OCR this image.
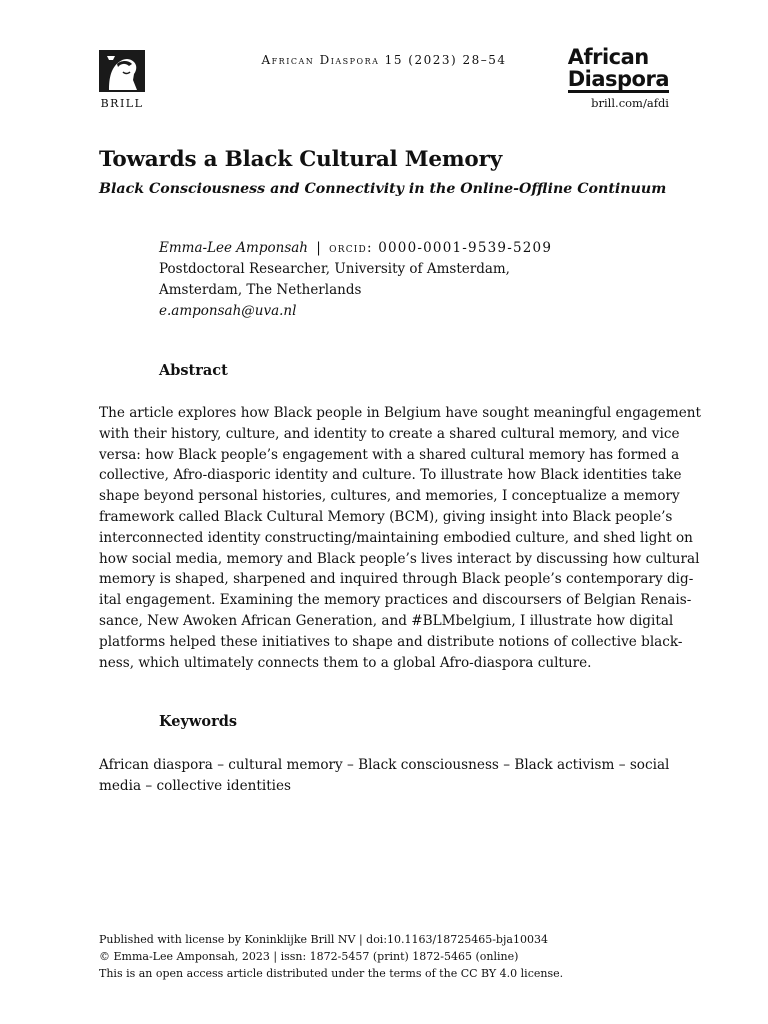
BRILL
African Diaspora 15 (2023) 28–54	African
Diaspora
brill.com/afdi
Towards a Black Cultural Memory
Black Consciousness and Connectivity in the Online-Offline Continuum
Emma-Lee Amponsah | orcid: 0000-0001-9539-5209
Postdoctoral Researcher, University of Amsterdam,
Amsterdam, The Netherlands
e.amponsah@uva.nl
Abstract
The article explores how Black people in Belgium have sought meaningful engagement
with their history, culture, and identity to create a shared cultural memory, and vice
versa: how Black people’s engagement with a shared cultural memory has formed a
collective, Afro-diasporic identity and culture. To illustrate how Black identities take
shape beyond personal histories, cultures, and memories, I conceptualize a memory
framework called Black Cultural Memory (BCM), giving insight into Black people’s
interconnected identity constructing/maintaining embodied culture, and shed light on
how social media, memory and Black people’s lives interact by discussing how cultural
memory is shaped, sharpened and inquired through Black people’s contemporary dig-
ital engagement. Examining the memory practices and discoursers of Belgian Renais-
sance, New Awoken African Generation, and #BLMbelgium, I illustrate how digital
platforms helped these initiatives to shape and distribute notions of collective black-
ness, which ultimately connects them to a global Afro-diaspora culture.
Keywords
African diaspora – cultural memory – Black consciousness – Black activism – social
media – collective identities
Published with license by Koninklijke Brill NV | doi:10.1163/18725465-bja10034
© Emma-Lee Amponsah, 2023 | issn: 1872-5457 (print) 1872-5465 (online)
This is an open access article distributed under the terms of the CC BY 4.0 license.
